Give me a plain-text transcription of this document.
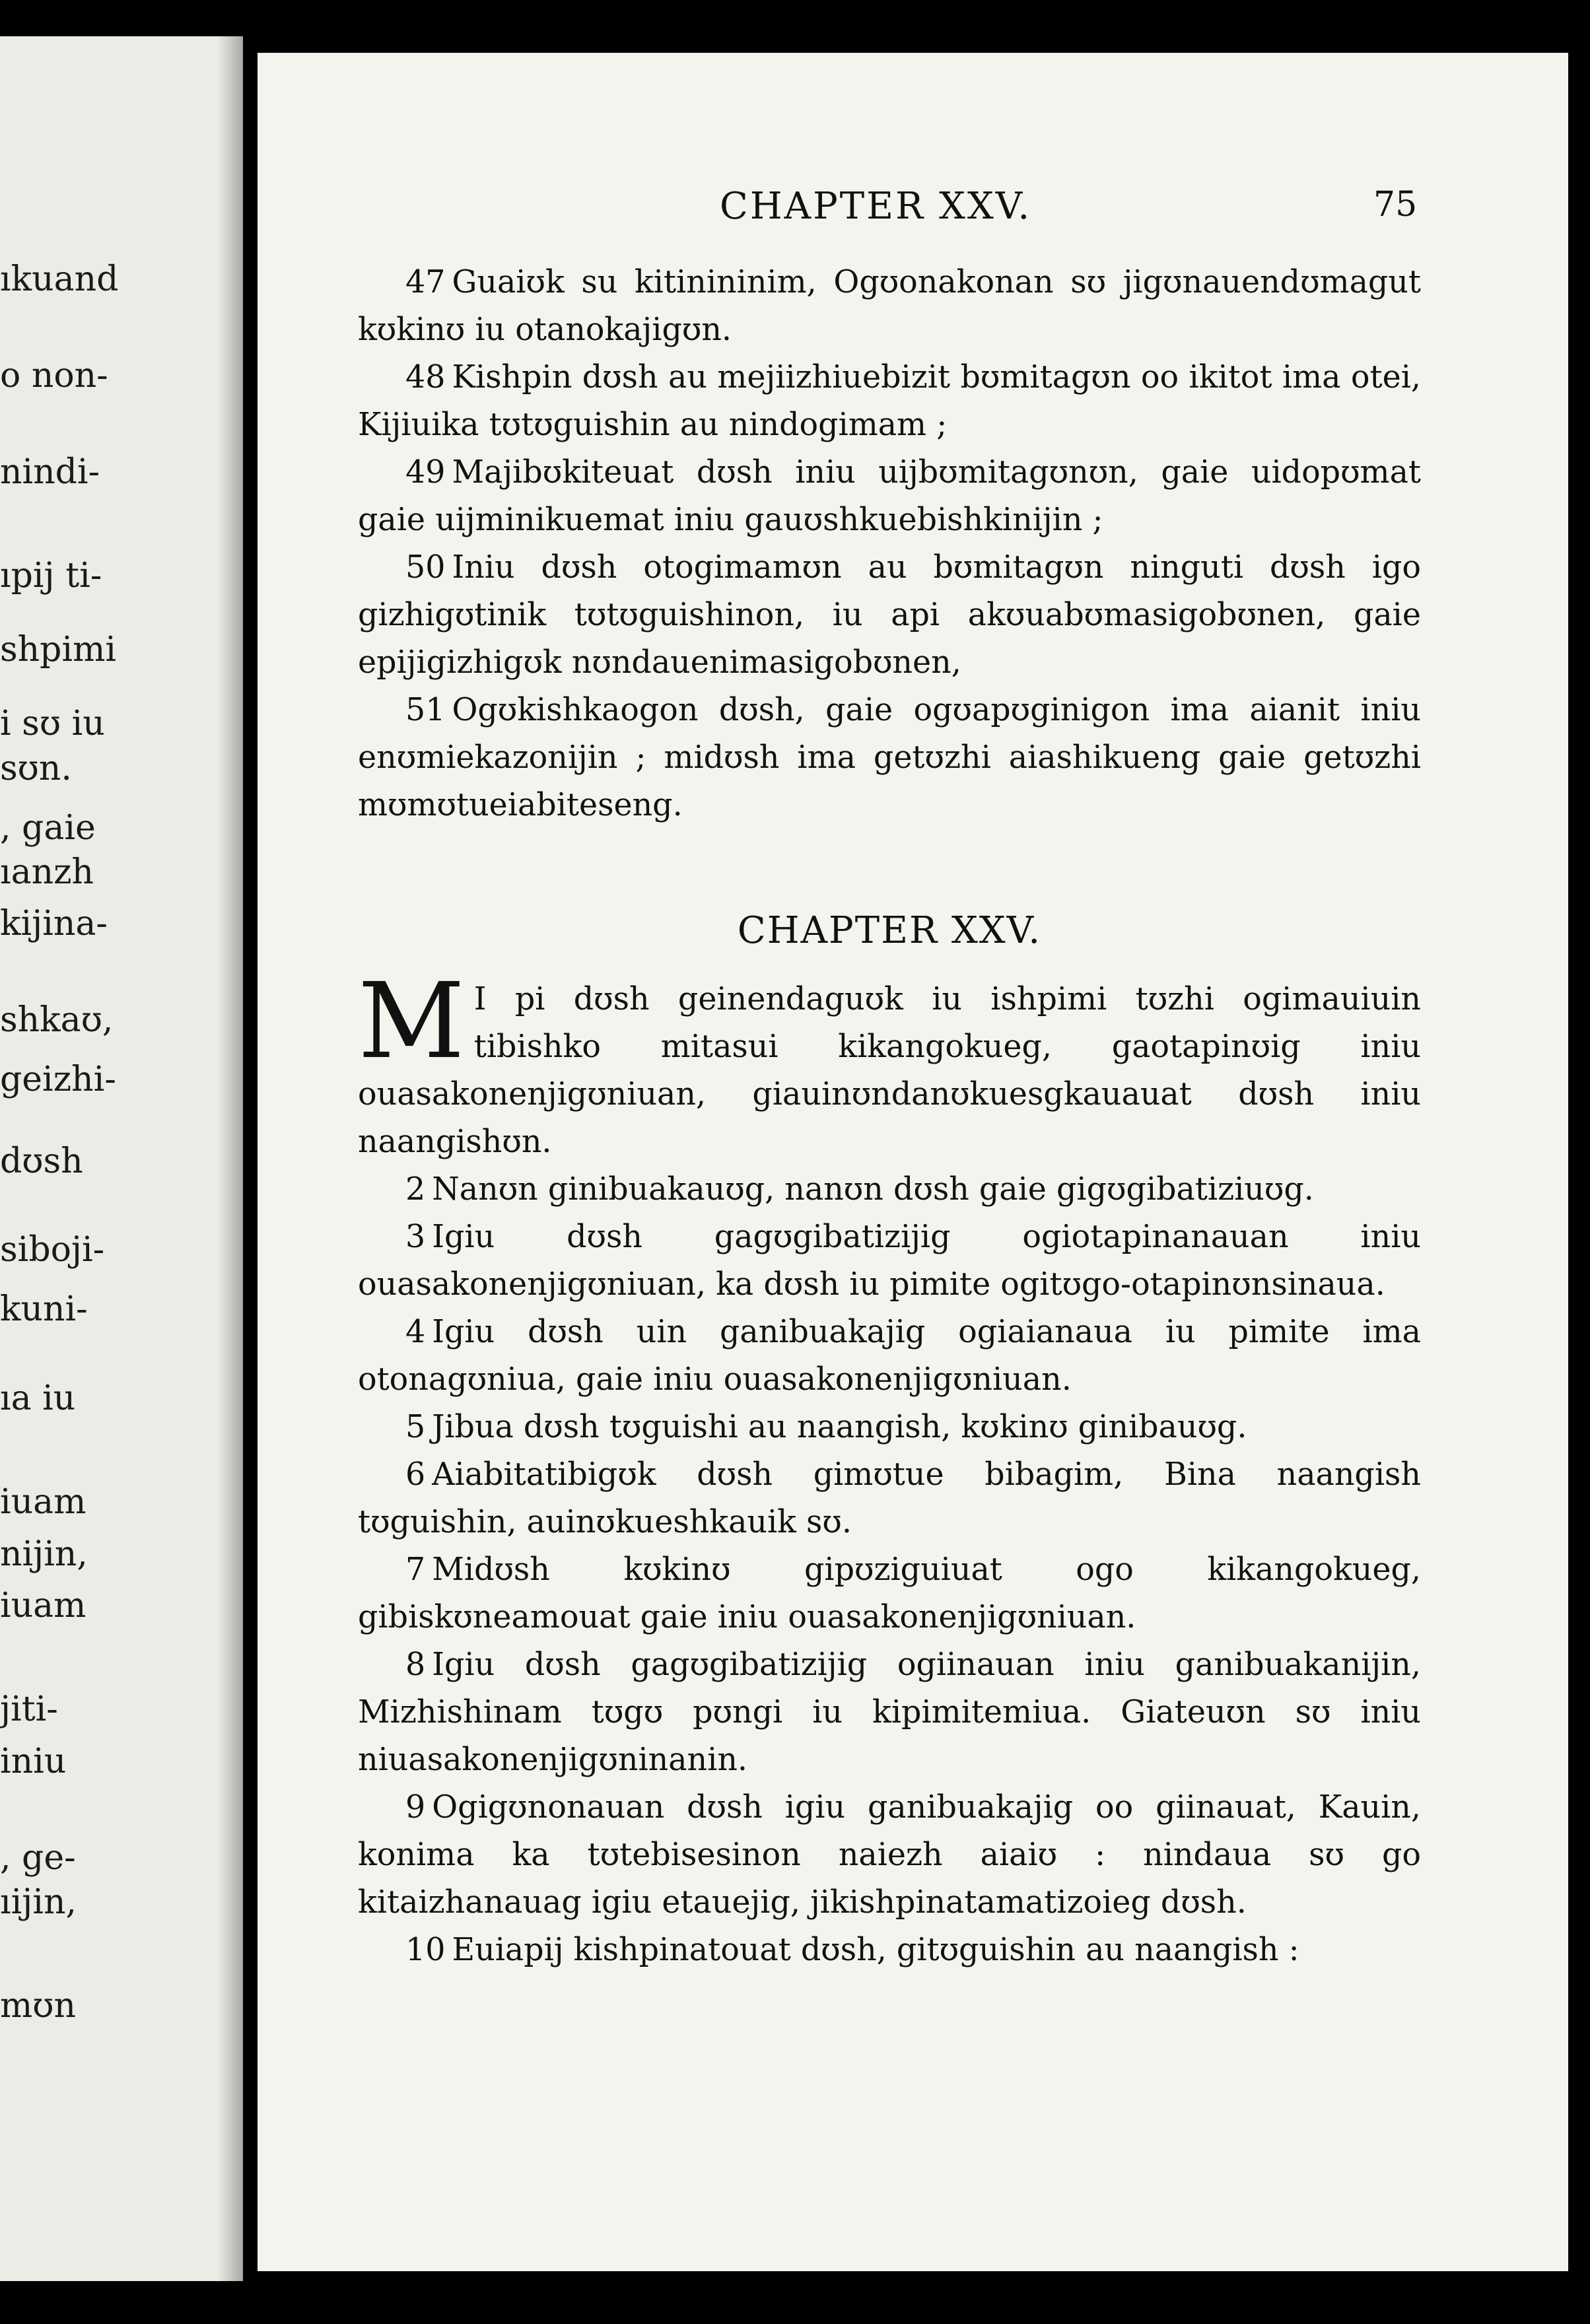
ıkuand
o non-
nindi-
ıpij ti-
shpimi
i sʊ iu
sʊn.
, gaie
ıanzh
kijina-
shkaʊ,
geizhi-
dʊsh
siboji-
kuni-
ıa iu
iuam
nijin,
iuam
jiti-
iniu
, ge-
ıijin,
mʊn
CHAPTER XXV.	75

47 Guaiʊk su kitinininim, Ogʊonakonan sʊ jigʊnauendʊmagut kʊkinʊ iu otanokajigʊn.

48 Kishpin dʊsh au mejiizhiuebizit bʊmitagʊn oo ikitot ima otei, Kijiuika tʊtʊguishin au nindogimam ;

49 Majibʊkiteuat dʊsh iniu uijbʊmitagʊnʊn, gaie uidopʊmat gaie uijminikuemat iniu gauʊshkuebishkinijin ;

50 Iniu dʊsh otogimamʊn au bʊmitagʊn ninguti dʊsh igo gizhigʊtinik tʊtʊguishinon, iu api akʊuabʊmasigobʊnen, gaie epijigizhigʊk nʊndauenimasigobʊnen,

51 Ogʊkishkaogon dʊsh, gaie ogʊapʊginigon ima aianit iniu enʊmiekazonijin ; midʊsh ima getʊzhi aiashikueng gaie getʊzhi mʊmʊtueiabiteseng.

CHAPTER XXV.

M I pi dʊsh geinendaguʊk iu ishpimi tʊzhi ogimauiuin tibishko mitasui kikangokueg, gaotapinʊig iniu ouasakonenjigʊniuan, giauinʊndanʊkuesgkauauat dʊsh iniu naangishʊn.

2 Nanʊn ginibuakauʊg, nanʊn dʊsh gaie gigʊgibatiziuʊg.

3 Igiu dʊsh gagʊgibatizijig ogiotapinanauan iniu ouasakonenjigʊniuan, ka dʊsh iu pimite ogitʊgo-otapinʊnsinaua.

4 Igiu dʊsh uin ganibuakajig ogiaianaua iu pimite ima otonagʊniua, gaie iniu ouasakonenjigʊniuan.

5 Jibua dʊsh tʊguishi au naangish, kʊkinʊ ginibauʊg.

6 Aiabitatibigʊk dʊsh gimʊtue bibagim, Bina naangish tʊguishin, auinʊkueshkauik sʊ.

7 Midʊsh kʊkinʊ gipʊziguiuat ogo kikangokueg, gibiskʊneamouat gaie iniu ouasakonenjigʊniuan.

8 Igiu dʊsh gagʊgibatizijig ogiinauan iniu ganibuakanijin, Mizhishinam tʊgʊ pʊngi iu kipimitemiua. Giateuʊn sʊ iniu niuasakonenjigʊninanin.

9 Ogigʊnonauan dʊsh igiu ganibuakajig oo giinauat, Kauin, konima ka tʊtebisesinon naiezh aiaiʊ : nindaua sʊ go kitaizhanauag igiu etauejig, jikishpinatamatizoieg dʊsh.

10 Euiapij kishpinatouat dʊsh, gitʊguishin au naangish :
